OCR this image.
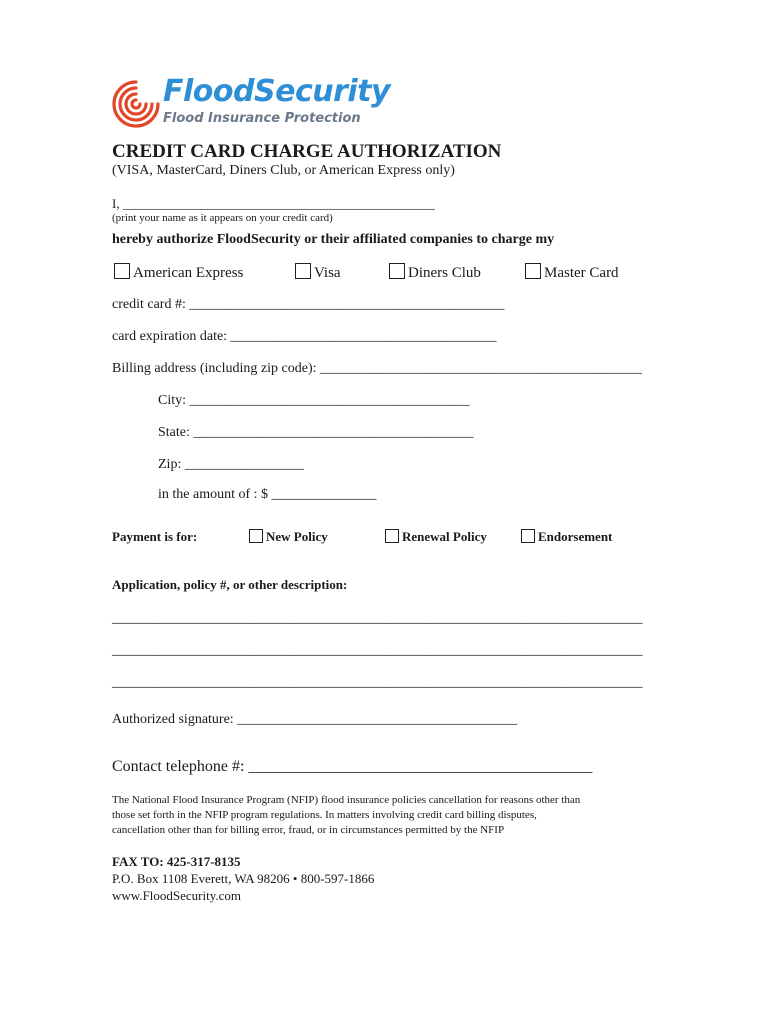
FloodSecurity
Flood Insurance Protection
CREDIT CARD CHARGE AUTHORIZATION
(VISA, MasterCard, Diners Club, or American Express only)
I, ________________________________________________
(print your name as it appears on your credit card)
hereby authorize FloodSecurity or their affiliated companies to charge my
American Express	Visa	Diners Club	Master Card
credit card #: _____________________________________________
card expiration date: ______________________________________
Billing address (including zip code): ______________________________________________
City: ________________________________________
State: ________________________________________
Zip: _________________
in the amount of : $ _______________
Payment is for:	New Policy	Renewal Policy	Endorsement
Application, policy #, or other description:
______________________________________________________________________________
______________________________________________________________________________
______________________________________________________________________________
Authorized signature: ________________________________________
Contact telephone #: ___________________________________________
The National Flood Insurance Program (NFIP) flood insurance policies cancellation for reasons other than
those set forth in the NFIP program regulations. In matters involving credit card billing disputes,
cancellation other than for billing error, fraud, or in circumstances permitted by the NFIP
FAX TO: 425-317-8135
P.O. Box 1108 Everett, WA 98206 • 800-597-1866
www.FloodSecurity.com
